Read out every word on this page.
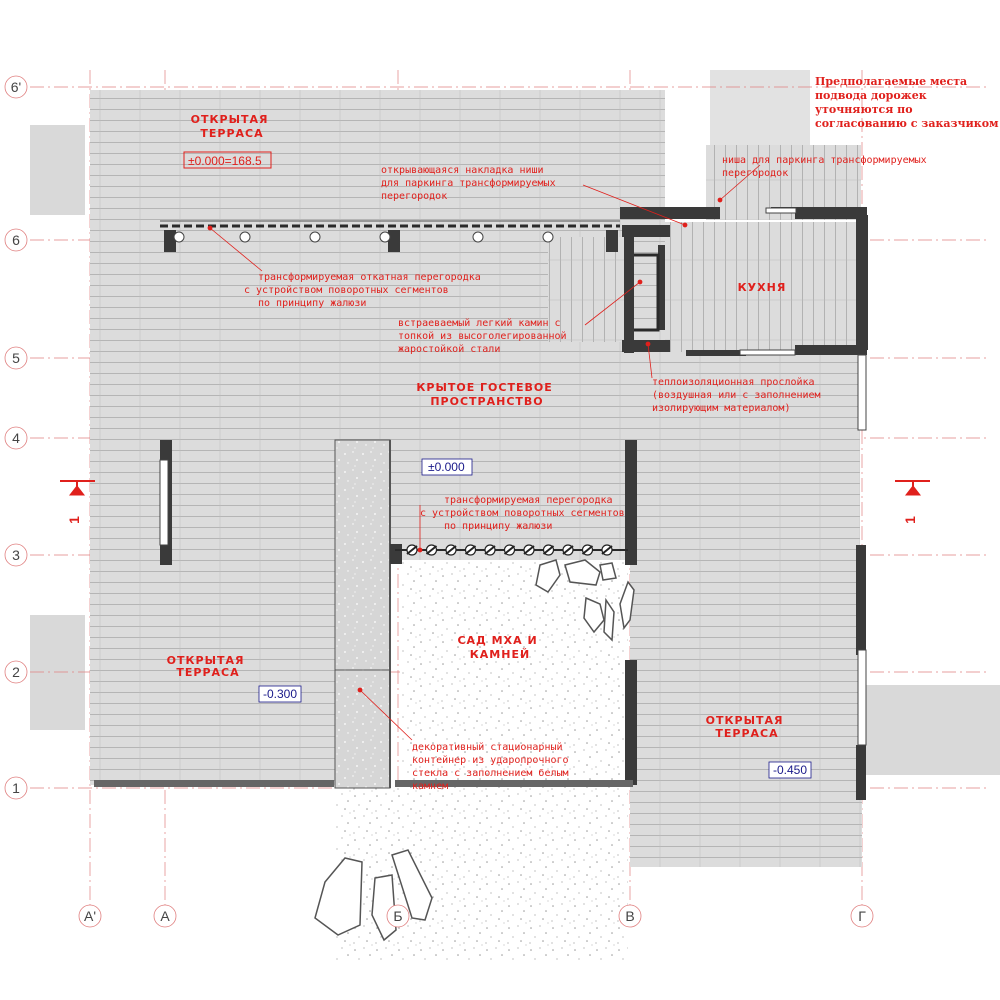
6'
6
5
4
3
2
1
А'	А	Б	В	Г
1	1
±0.000=168.5
±0.000
-0.300
-0.450
ОТКРЫТАЯ ТЕРРАСА
КУХНЯ
КРЫТОЕ ГОСТЕВОЕ ПРОСТРАНСТВО
САД МХА И КАМНЕЙ
ОТКРЫТАЯ ТЕРРАСА
ОТКРЫТАЯ ТЕРРАСА
Предполагаемые места подвода дорожек уточняются по согласованию с заказчиком
открывающаяся накладка ниши для паркинга трансформируемых перегородок
ниша для паркинга трансформируемых перегородок
трансформируемая откатная перегородка с устройством поворотных сегментов по принципу жалюзи
встраеваемый легкий камин с топкой из высоголегированной жаростойкой стали
теплоизоляционная прослойка (воздушная или с заполнением изолирующим материалом)
трансформируемая перегородка с устройством поворотных сегментов по принципу жалюзи
декоративный стационарный контейнер из ударопрочного стекла с заполнением белым камнем
